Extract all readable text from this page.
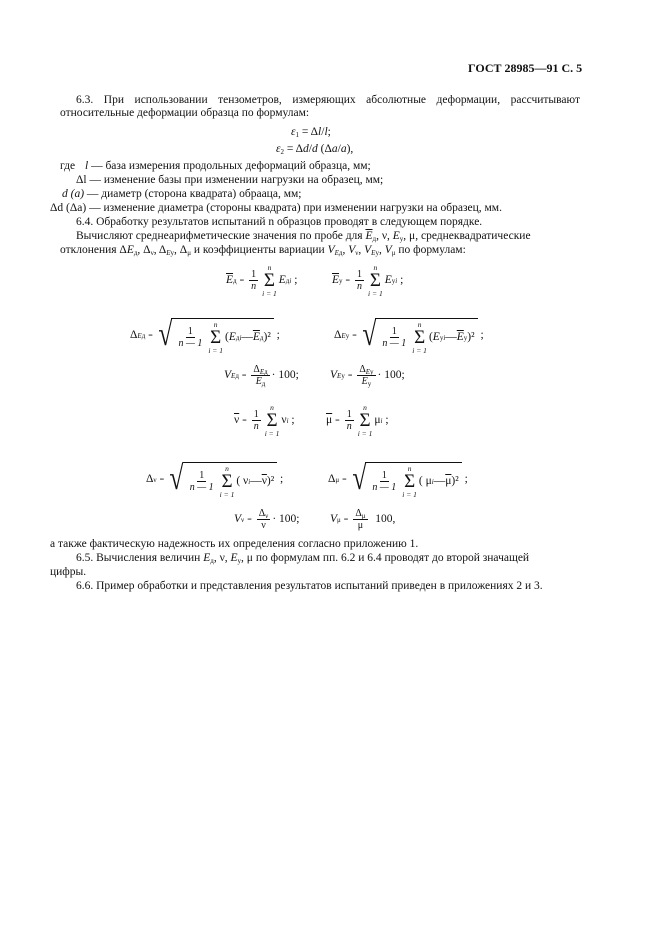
ГОСТ 28985—91 С. 5
6.3. При использовании тензометров, измеряющих абсолютные деформации, рассчитывают относительные деформации образца по формулам:
$\varepsilon_1 = \Delta l/l$;
$\varepsilon_2 = \Delta d/d$ (Δa/a),
где l — база измерения продольных деформаций образца, мм;
Δl — изменение базы при изменении нагрузки на образец, мм;
d (a) — диаметр (сторона квадрата) обрааца, мм;
Δd (Δa) — изменение диаметра (стороны квадрата) при изменении нагрузки на образец, мм.
6.4. Обработку результатов испытаний n образцов проводят в следующем порядке.
Вычисляют среднеарифметические значения по пробе для $\overline{E}_д$, ν, $E_y$, μ, среднеквадратические
отклонения $\Delta E_д$, $\Delta_\nu$, $\Delta_{Ey}$, $\Delta_\mu$ и коэффициенты вариации $V_{Eд}$, $V_\nu$, $V_{Ey}$, $V_\mu$ по формулам:
$\overline{E}$ $д = \frac{1}{n}$
n
Σ
i = 1
E дi ;	$\overline{E}$ $y = \frac{1}{n}$
n
Σ
i = 1
E yi ;
Δ Eд = √ $\frac{1}{n — 1}$
n
Σ
i = 1
( E дi — $\overline{E}$ д )² ;	Δ Ey = √ $\frac{1}{n — 1}$
n
Σ
i = 1
( E yi — $\overline{E}$ y )² ;
V Eд = $\frac{\Delta_{Eд}}{\overline{E}_д} \cdot 100$;	V $Ey = \frac{\Delta_{Ey}}{\overline{E}_y} \cdot 100$;
$\overline{\nu} = \frac{1}{n}$
n
Σ
i = 1
ν i ;	$\overline{\mu} = \frac{1}{n}$
n
Σ
i = 1
μ i ;
Δ ν = √ $\frac{1}{n — 1}$
n
Σ
i = 1
( ν i — $\overline{\nu}$ )² ;	Δ μ = √ $\frac{1}{n — 1}$
n
Σ
i = 1
( μ i — $\overline{\mu}$ )² ;
V $\nu = \frac{\Delta_\nu}{\nu} \cdot 100$;	V $\mu = \frac{\Delta_\mu}{\mu}$
100,
а также фактическую надежность их определения согласно приложению 1.
6.5. Вычисления величин $E_д$, ν, $E_y$, μ по формулам пп. 6.2 и 6.4 проводят до второй значащей
цифры.
6.6. Пример обработки и представления результатов испытаний приведен в приложениях 2 и 3.
